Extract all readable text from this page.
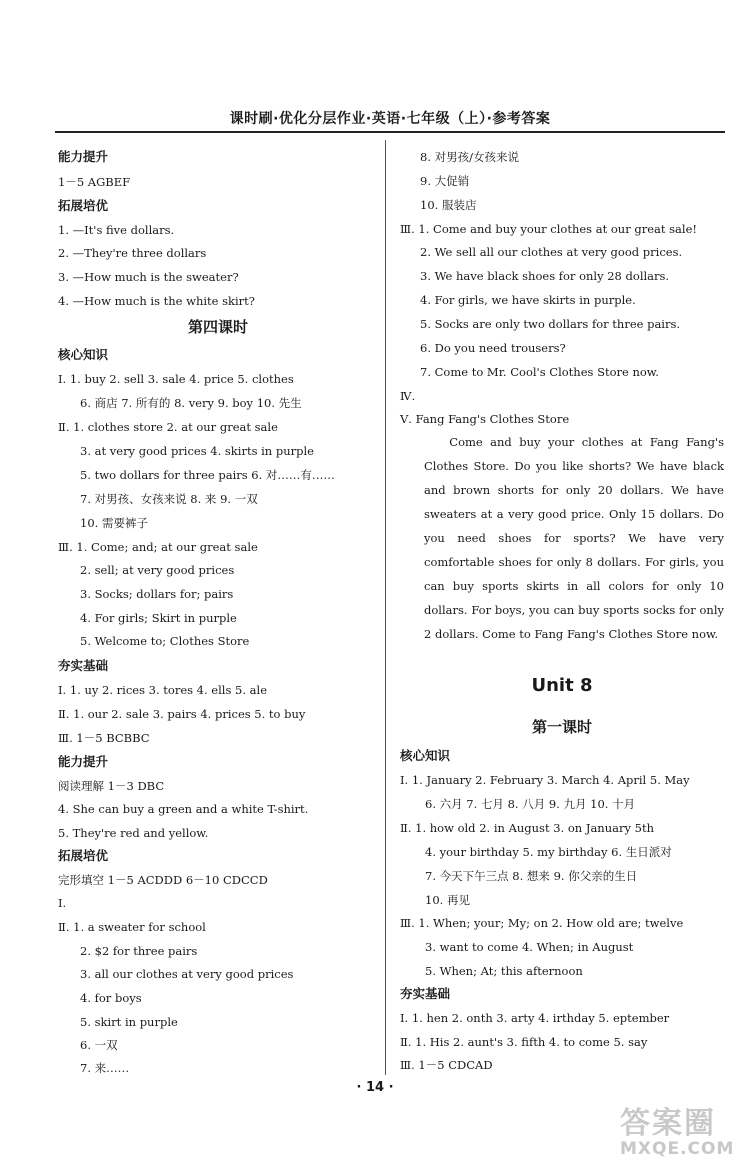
课时刷·优化分层作业·英语·七年级（上）·参考答案
能力提升
1－5 AGBEF
拓展培优
1. —It's five dollars.
2. —They're three dollars
3. —How much is the sweater?
4. —How much is the white skirt?
第四课时
核心知识
Ⅰ. 1. buy 2. sell 3. sale 4. price 5. clothes
6. 商店 7. 所有的 8. very 9. boy 10. 先生
Ⅱ. 1. clothes store 2. at our great sale
3. at very good prices 4. skirts in purple
5. two dollars for three pairs 6. 对……有……
7. 对男孩、女孩来说 8. 来 9. 一双
10. 需要裤子
Ⅲ. 1. Come; and; at our great sale
2. sell; at very good prices
3. Socks; dollars for; pairs
4. For girls; Skirt in purple
5. Welcome to; Clothes Store
夯实基础
Ⅰ. 1. uy 2. rices 3. tores 4. ells 5. ale
Ⅱ. 1. our 2. sale 3. pairs 4. prices 5. to buy
Ⅲ. 1－5 BCBBC
能力提升
阅读理解 1－3 DBC
4. She can buy a green and a white T-shirt.
5. They're red and yellow.
拓展培优
完形填空 1－5 ACDDD 6－10 CDCCD
Ⅰ.
Ⅱ. 1. a sweater for school
2. $2 for three pairs
3. all our clothes at very good prices
4. for boys
5. skirt in purple
6. 一双
7. 来……
8. 对男孩/女孩来说
9. 大促销
10. 服装店
Ⅲ. 1. Come and buy your clothes at our great sale!
2. We sell all our clothes at very good prices.
3. We have black shoes for only 28 dollars.
4. For girls, we have skirts in purple.
5. Socks are only two dollars for three pairs.
6. Do you need trousers?
7. Come to Mr. Cool's Clothes Store now.
Ⅳ.
Ⅴ. Fang Fang's Clothes Store
Come and buy your clothes at Fang Fang's Clothes Store. Do you like shorts? We have black and brown shorts for only 20 dollars. We have sweaters at a very good price. Only 15 dollars. Do you need shoes for sports? We have very comfortable shoes for only 8 dollars. For girls, you can buy sports skirts in all colors for only 10 dollars. For boys, you can buy sports socks for only 2 dollars. Come to Fang Fang's Clothes Store now.
Unit 8
第一课时
核心知识
Ⅰ. 1. January 2. February 3. March 4. April 5. May
6. 六月 7. 七月 8. 八月 9. 九月 10. 十月
Ⅱ. 1. how old 2. in August 3. on January 5th
4. your birthday 5. my birthday 6. 生日派对
7. 今天下午三点 8. 想来 9. 你父亲的生日
10. 再见
Ⅲ. 1. When; your; My; on 2. How old are; twelve
3. want to come 4. When; in August
5. When; At; this afternoon
夯实基础
Ⅰ. 1. hen 2. onth 3. arty 4. irthday 5. eptember
Ⅱ. 1. His 2. aunt's 3. fifth 4. to come 5. say
Ⅲ. 1－5 CDCAD
· 14 ·
答案圈
MXQE.COM
